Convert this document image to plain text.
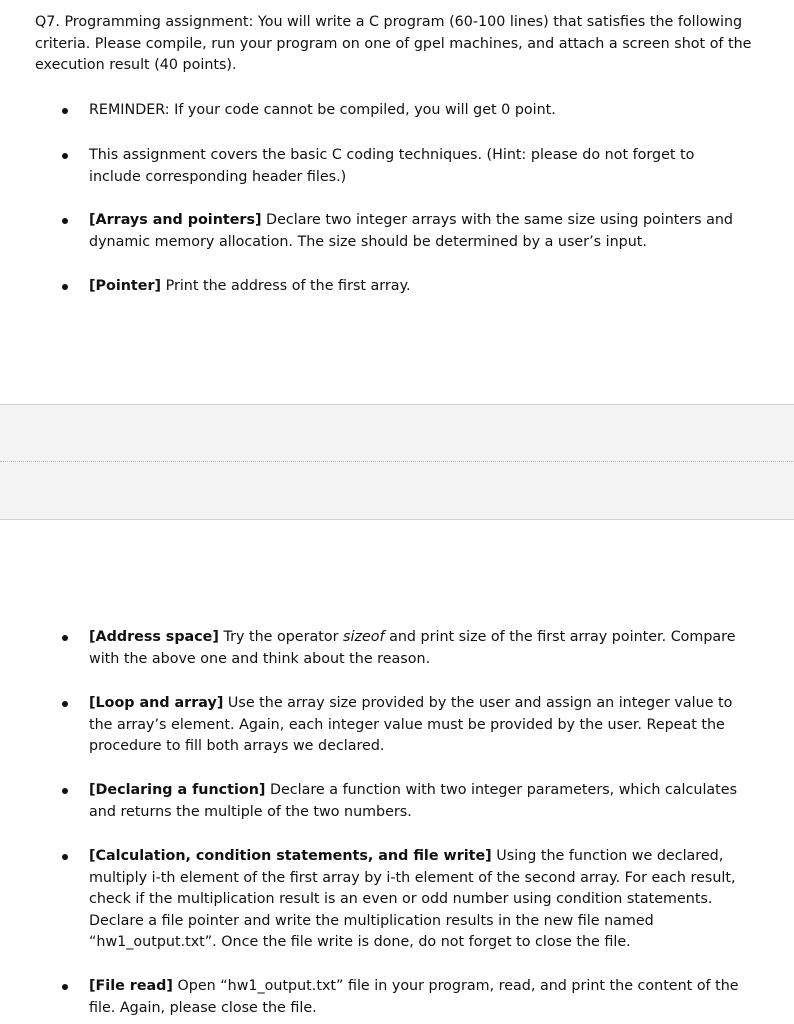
Q7. Programming assignment: You will write a C program (60-100 lines) that satisfies the following criteria. Please compile, run your program on one of gpel machines, and attach a screen shot of the execution result (40 points).

REMINDER: If your code cannot be compiled, you will get 0 point.

This assignment covers the basic C coding techniques. (Hint: please do not forget to include corresponding header files.)

[Arrays and pointers] Declare two integer arrays with the same size using pointers and dynamic memory allocation. The size should be determined by a user’s input.

[Pointer] Print the address of the first array.

[Address space] Try the operator sizeof and print size of the first array pointer. Compare with the above one and think about the reason.

[Loop and array] Use the array size provided by the user and assign an integer value to the array’s element. Again, each integer value must be provided by the user. Repeat the procedure to fill both arrays we declared.

[Declaring a function] Declare a function with two integer parameters, which calculates and returns the multiple of the two numbers.

[Calculation, condition statements, and file write] Using the function we declared, multiply i-th element of the first array by i-th element of the second array. For each result, check if the multiplication result is an even or odd number using condition statements. Declare a file pointer and write the multiplication results in the new file named “hw1_output.txt”. Once the file write is done, do not forget to close the file.

[File read] Open “hw1_output.txt” file in your program, read, and print the content of the file. Again, please close the file.
